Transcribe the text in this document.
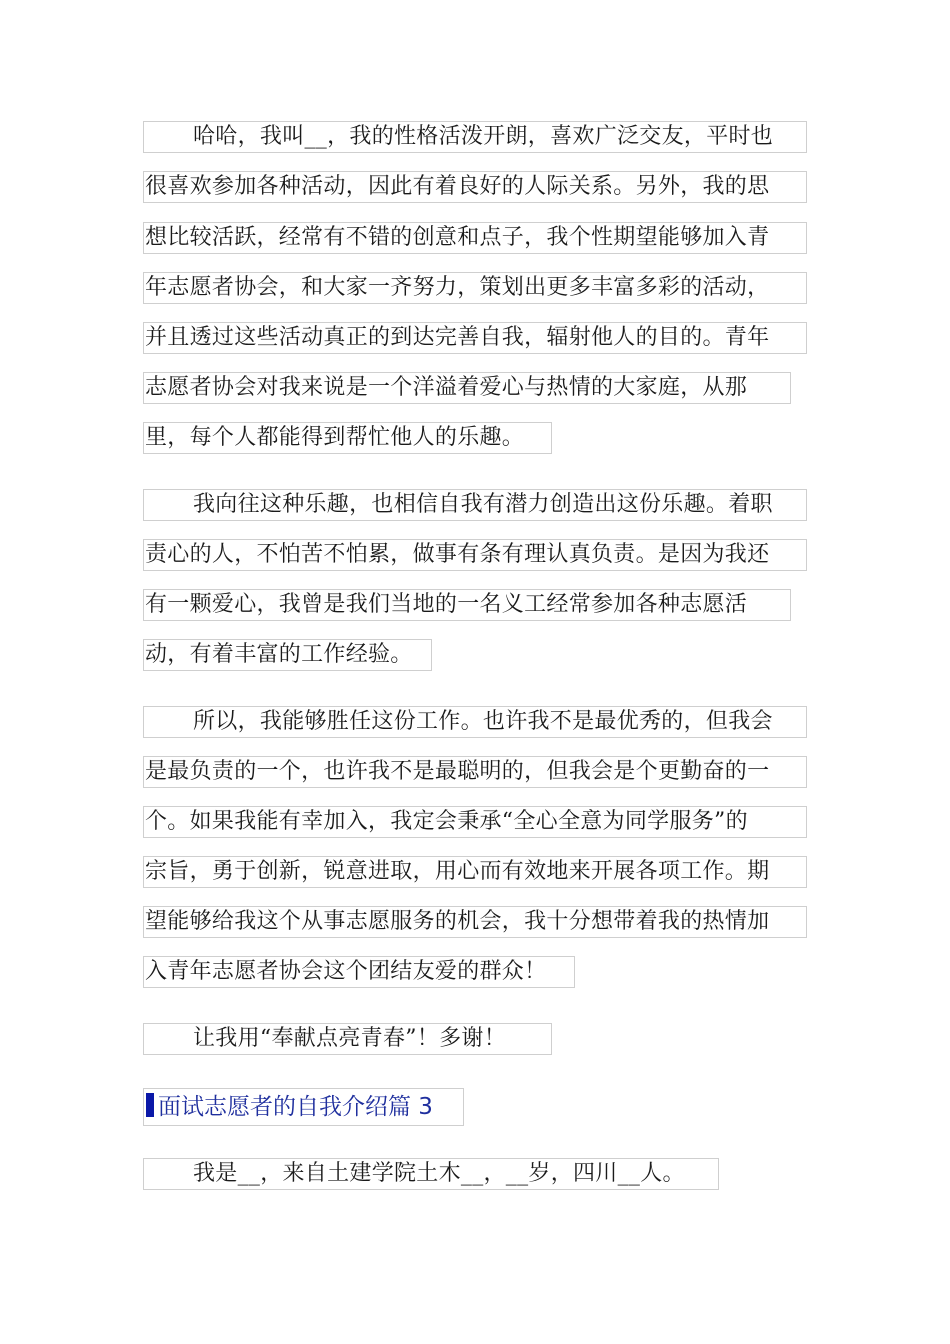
哈哈，我叫__，我的性格活泼开朗，喜欢广泛交友，平时也
很喜欢参加各种活动，因此有着良好的人际关系。另外，我的思
想比较活跃，经常有不错的创意和点子，我个性期望能够加入青
年志愿者协会，和大家一齐努力，策划出更多丰富多彩的活动，
并且透过这些活动真正的到达完善自我，辐射他人的目的。青年
志愿者协会对我来说是一个洋溢着爱心与热情的大家庭，从那
里，每个人都能得到帮忙他人的乐趣。
我向往这种乐趣，也相信自我有潜力创造出这份乐趣。着职
责心的人，不怕苦不怕累，做事有条有理认真负责。是因为我还
有一颗爱心，我曾是我们当地的一名义工经常参加各种志愿活
动，有着丰富的工作经验。
所以，我能够胜任这份工作。也许我不是最优秀的，但我会
是最负责的一个，也许我不是最聪明的，但我会是个更勤奋的一
个。如果我能有幸加入，我定会秉承“全心全意为同学服务”的
宗旨，勇于创新，锐意进取，用心而有效地来开展各项工作。期
望能够给我这个从事志愿服务的机会，我十分想带着我的热情加
入青年志愿者协会这个团结友爱的群众！
让我用“奉献点亮青春”！多谢！
面试志愿者的自我介绍篇 3
我是__，来自土建学院土木__，__岁，四川__人。
